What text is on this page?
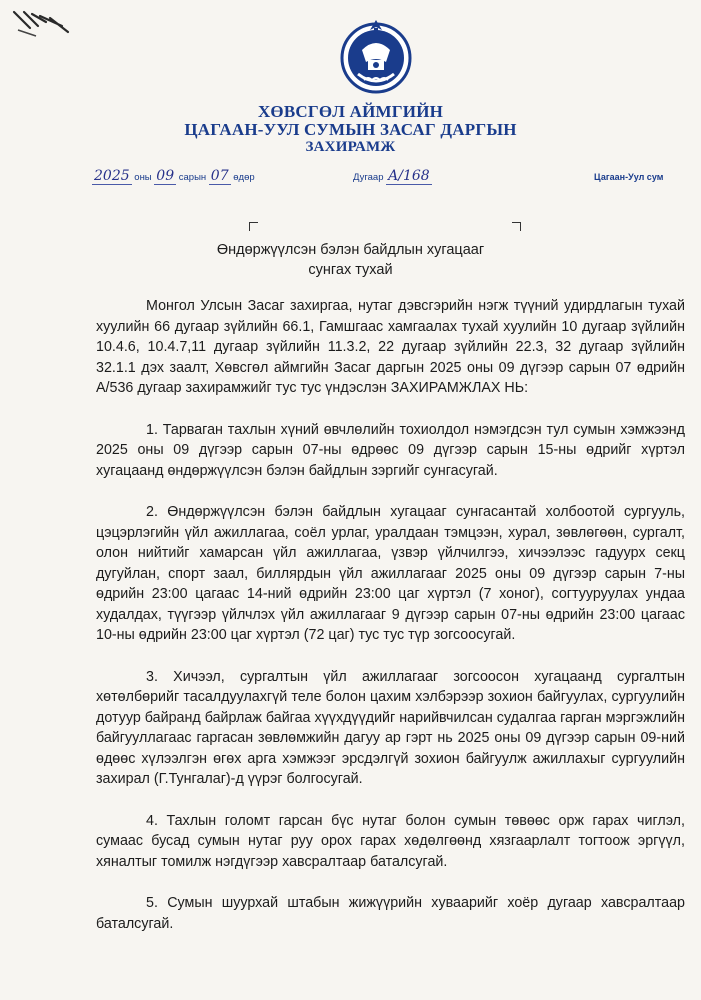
ХӨВСГӨЛ АЙМГИЙН
ЦАГААН-УУЛ СУМЫН ЗАСАГ ДАРГЫН
ЗАХИРАМЖ
2025 оны 09 сарын 07 өдөр	Дугаар A/168	Цагаан-Уул сум
Өндөржүүлсэн бэлэн байдлын хугацааг
сунгах тухай

Монгол Улсын Засаг захиргаа, нутаг дэвсгэрийн нэгж түүний удирдлагын тухай хуулийн 66 дугаар зүйлийн 66.1, Гамшгаас хамгаалах тухай хуулийн 10 дугаар зүйлийн 10.4.6, 10.4.7,11 дугаар зүйлийн 11.3.2, 22 дугаар зүйлийн 22.3, 32 дугаар зүйлийн 32.1.1 дэх заалт, Хөвсгөл аймгийн Засаг даргын 2025 оны 09 дүгээр сарын 07 өдрийн А/536 дугаар захирамжийг тус тус үндэслэн ЗАХИРАМЖЛАХ НЬ:

1. Тарваган тахлын хүний өвчлөлийн тохиолдол нэмэгдсэн тул сумын хэмжээнд 2025 оны 09 дүгээр сарын 07-ны өдрөөс 09 дүгээр сарын 15-ны өдрийг хүртэл хугацаанд өндөржүүлсэн бэлэн байдлын зэргийг сунгасугай.

2. Өндөржүүлсэн бэлэн байдлын хугацааг сунгасантай холбоотой сургууль, цэцэрлэгийн үйл ажиллагаа, соёл урлаг, уралдаан тэмцээн, хурал, зөвлөгөөн, сургалт, олон нийтийг хамарсан үйл ажиллагаа, үзвэр үйлчилгээ, хичээлээс гадуурх секц дугуйлан, спорт заал, биллярдын үйл ажиллагааг 2025 оны 09 дүгээр сарын 7-ны өдрийн 23:00 цагаас 14-ний өдрийн 23:00 цаг хүртэл (7 хоног), согтууруулах ундаа худалдах, түүгээр үйлчлэх үйл ажиллагааг 9 дүгээр сарын 07-ны өдрийн 23:00 цагаас 10-ны өдрийн 23:00 цаг хүртэл (72 цаг) тус тус түр зогсоосугай.

3. Хичээл, сургалтын үйл ажиллагааг зогсоосон хугацаанд сургалтын хөтөлбөрийг тасалдуулахгүй теле болон цахим хэлбэрээр зохион байгуулах, сургуулийн дотуур байранд байрлаж байгаа хүүхдүүдийг нарийвчилсан судалгаа гарган мэргэжлийн байгууллагаас гаргасан зөвлөмжийн дагуу ар гэрт нь 2025 оны 09 дүгээр сарын 09-ний өдөөс хүлээлгэн өгөх арга хэмжээг эрсдэлгүй зохион байгуулж ажиллахыг сургуулийн захирал (Г.Тунгалаг)-д үүрэг болгосугай.

4. Тахлын голомт гарсан бүс нутаг болон сумын төвөөс орж гарах чиглэл, сумаас бусад сумын нутаг руу орох гарах хөдөлгөөнд хязгаарлалт тогтоож эргүүл, хяналтыг томилж нэгдүгээр хавсралтаар баталсугай.

5. Сумын шуурхай штабын жижүүрийн хуваарийг хоёр дугаар хавсралтаар баталсугай.
